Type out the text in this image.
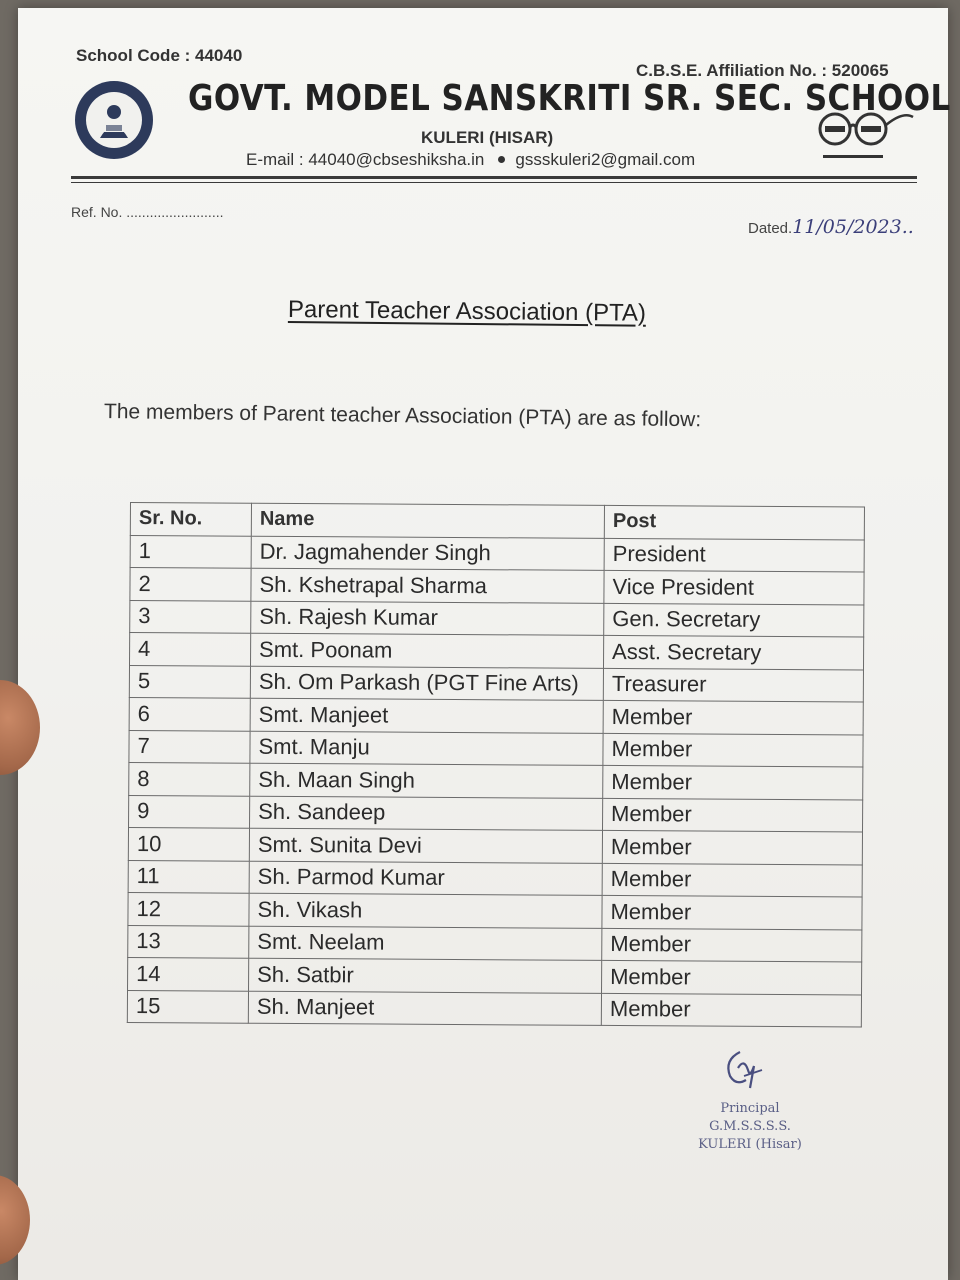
School Code : 44040
C.B.S.E. Affiliation No. : 520065
GOVT. MODEL SANSKRITI SR. SEC. SCHOOL
KULERI (HISAR)
E-mail : 44040@cbseshiksha.in gssskuleri2@gmail.com
Ref. No. .........................
Dated.11/05/2023..
Parent Teacher Association (PTA)
The members of Parent teacher Association (PTA) are as follow:
Sr. No.	Name	Post
1	Dr. Jagmahender Singh	President
2	Sh. Kshetrapal Sharma	Vice President
3	Sh. Rajesh Kumar	Gen. Secretary
4	Smt. Poonam	Asst. Secretary
5	Sh. Om Parkash (PGT Fine Arts)	Treasurer
6	Smt. Manjeet	Member
7	Smt. Manju	Member
8	Sh. Maan Singh	Member
9	Sh. Sandeep	Member
10	Smt. Sunita Devi	Member
11	Sh. Parmod Kumar	Member
12	Sh. Vikash	Member
13	Smt. Neelam	Member
14	Sh. Satbir	Member
15	Sh. Manjeet	Member
Principal
G.M.S.S.S.S.
KULERI (Hisar)
